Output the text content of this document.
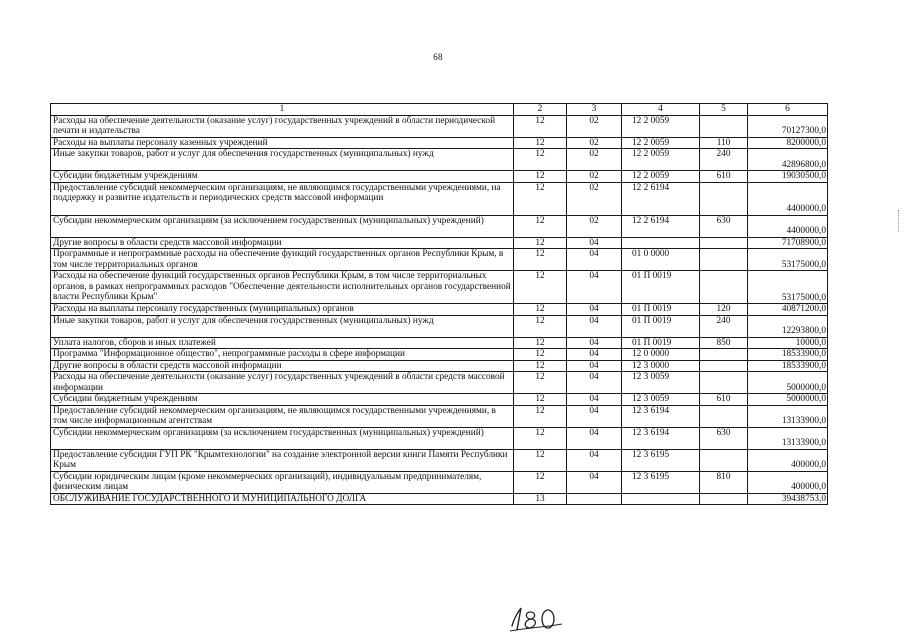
68
1	2	3	4	5	6
Расходы на обеспечение деятельности (оказание услуг) государственных учреждений в области периодической печати и издательства	12	02	12 2 0059		70127300,0
Расходы на выплаты персоналу казенных учреждений	12	02	12 2 0059	110	8200000,0
Иные закупки товаров, работ и услуг для обеспечения государственных (муниципальных) нужд	12	02	12 2 0059	240	42896800,0
Субсидии бюджетным учреждениям	12	02	12 2 0059	610	19030500,0
Предоставление субсидий некоммерческим организациям, не являющимся государственными учреждениями, на поддержку и развитие издательств и периодических средств массовой информации	12	02	12 2 6194		4400000,0
Субсидии некоммерческим организациям (за исключением государственных (муниципальных) учреждений)	12	02	12 2 6194	630	4400000,0
Другие вопросы в области средств массовой информации	12	04			71708900,0
Программные и непрограммные расходы на обеспечение функций государственных органов Республики Крым, в том числе территориальных органов	12	04	01 0 0000		53175000,0
Расходы на обеспечение функций государственных органов Республики Крым, в том числе территориальных органов, в рамках непрограммных расходов "Обеспечение деятельности исполнительных органов государственной власти Республики Крым"	12	04	01 П 0019		53175000,0
Расходы на выплаты персоналу государственных (муниципальных) органов	12	04	01 П 0019	120	40871200,0
Иные закупки товаров, работ и услуг для обеспечения государственных (муниципальных) нужд	12	04	01 П 0019	240	12293800,0
Уплата налогов, сборов и иных платежей	12	04	01 П 0019	850	10000,0
Программа "Информационное общество", непрограммные расходы в сфере информации	12	04	12 0 0000		18533900,0
Другие вопросы в области средств массовой информации	12	04	12 3 0000		18533900,0
Расходы на обеспечение деятельности (оказание услуг) государственных учреждений в области средств массовой информации	12	04	12 3 0059		5000000,0
Субсидии бюджетным учреждениям	12	04	12 3 0059	610	5000000,0
Предоставление субсидий некоммерческим организациям, не являющимся государственными учреждениями, в том числе информационным агентствам	12	04	12 3 6194		13133900,0
Субсидии некоммерческим организациям (за исключением государственных (муниципальных) учреждений)	12	04	12 3 6194	630	13133900,0
Предоставление субсидии ГУП РК "Крымтехнологии" на создание электронной версии книги Памяти Республики Крым	12	04	12 3 6195		400000,0
Субсидии юридическим лицам (кроме некоммерческих организаций), индивидуальным предпринимателям, физическим лицам	12	04	12 3 6195	810	400000,0
ОБСЛУЖИВАНИЕ ГОСУДАРСТВЕННОГО И МУНИЦИПАЛЬНОГО ДОЛГА	13				39438753,0
